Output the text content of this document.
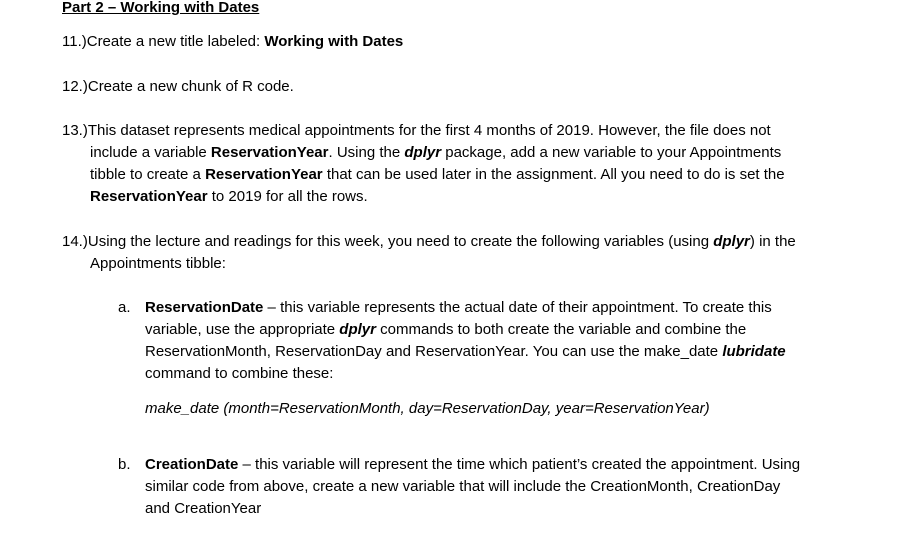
Part 2 – Working with Dates
11.)Create a new title labeled: Working with Dates
12.)Create a new chunk of R code.
13.)This dataset represents medical appointments for the first 4 months of 2019. However, the file does not
include a variable ReservationYear. Using the dplyr package, add a new variable to your Appointments
tibble to create a ReservationYear that can be used later in the assignment. All you need to do is set the
ReservationYear to 2019 for all the rows.
14.)Using the lecture and readings for this week, you need to create the following variables (using dplyr) in the
Appointments tibble:
a. ReservationDate – this variable represents the actual date of their appointment. To create this
variable, use the appropriate dplyr commands to both create the variable and combine the
ReservationMonth, ReservationDay and ReservationYear. You can use the make_date lubridate
command to combine these:
make_date (month=ReservationMonth, day=ReservationDay, year=ReservationYear)
b. CreationDate – this variable will represent the time which patient’s created the appointment. Using
similar code from above, create a new variable that will include the CreationMonth, CreationDay
and CreationYear
